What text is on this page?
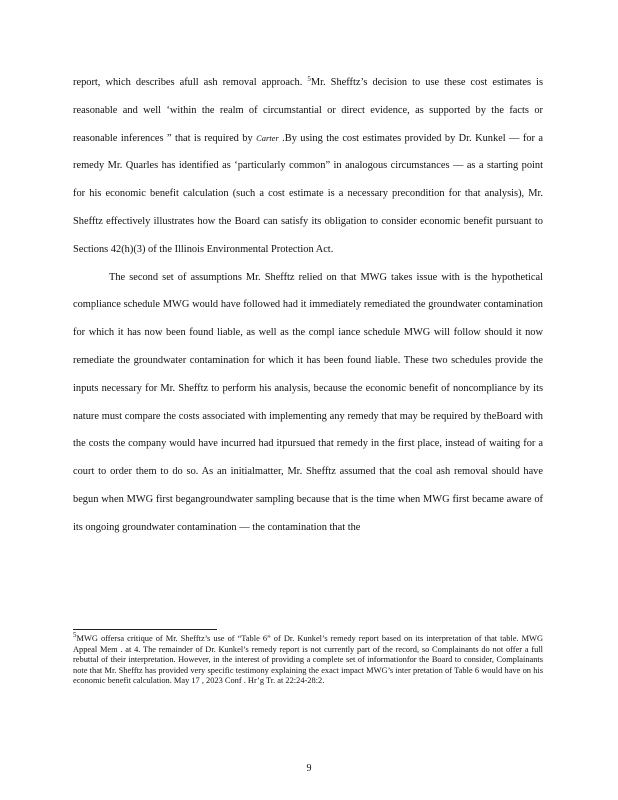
report, which describes afull ash removal approach. $^5$Mr. Shefftz’s decision to use these cost estimates is reasonable and well ‘within the realm of circumstantial or direct evidence, as supported by the facts or reasonable inferences ” that is required by Carter .By using the cost estimates provided by Dr. Kunkel — for a remedy Mr. Quarles has identified as ‘particularly common” in analogous circumstances — as a starting point for his economic benefit calculation (such a cost estimate is a necessary precondition for that analysis), Mr. Shefftz effectively illustrates how the Board can satisfy its obligation to consider economic benefit pursuant to Sections 42(h)(3) of the Illinois Environmental Protection Act.

The second set of assumptions Mr. Shefftz relied on that MWG takes issue with is the hypothetical compliance schedule MWG would have followed had it immediately remediated the groundwater contamination for which it has now been found liable, as well as the compl iance schedule MWG will follow should it now remediate the groundwater contamination for which it has been found liable. These two schedules provide the inputs necessary for Mr. Shefftz to perform his analysis, because the economic benefit of noncompliance by its nature must compare the costs associated with implementing any remedy that may be required by theBoard with the costs the company would have incurred had itpursued that remedy in the first place, instead of waiting for a court to order them to do so. As an initialmatter, Mr. Shefftz assumed that the coal ash removal should have begun when MWG first begangroundwater sampling because that is the time when MWG first became aware of its ongoing groundwater contamination — the contamination that the

$^5$MWG offersa critique of Mr. Shefftz’s use of “Table 6” of Dr. Kunkel’s remedy report based on its interpretation of that table. MWG Appeal Mem . at 4. The remainder of Dr. Kunkel’s remedy report is not currently part of the record, so Complainants do not offer a full rebuttal of their interpretation. However, in the interest of providing a complete set of informationfor the Board to consider, Complainants note that Mr. Shefftz has provided very specific testimony explaining the exact impact MWG’s inter pretation of Table 6 would have on his economic benefit calculation. May 17 , 2023 Conf . Hr’g Tr. at 22:24-28:2.

9
